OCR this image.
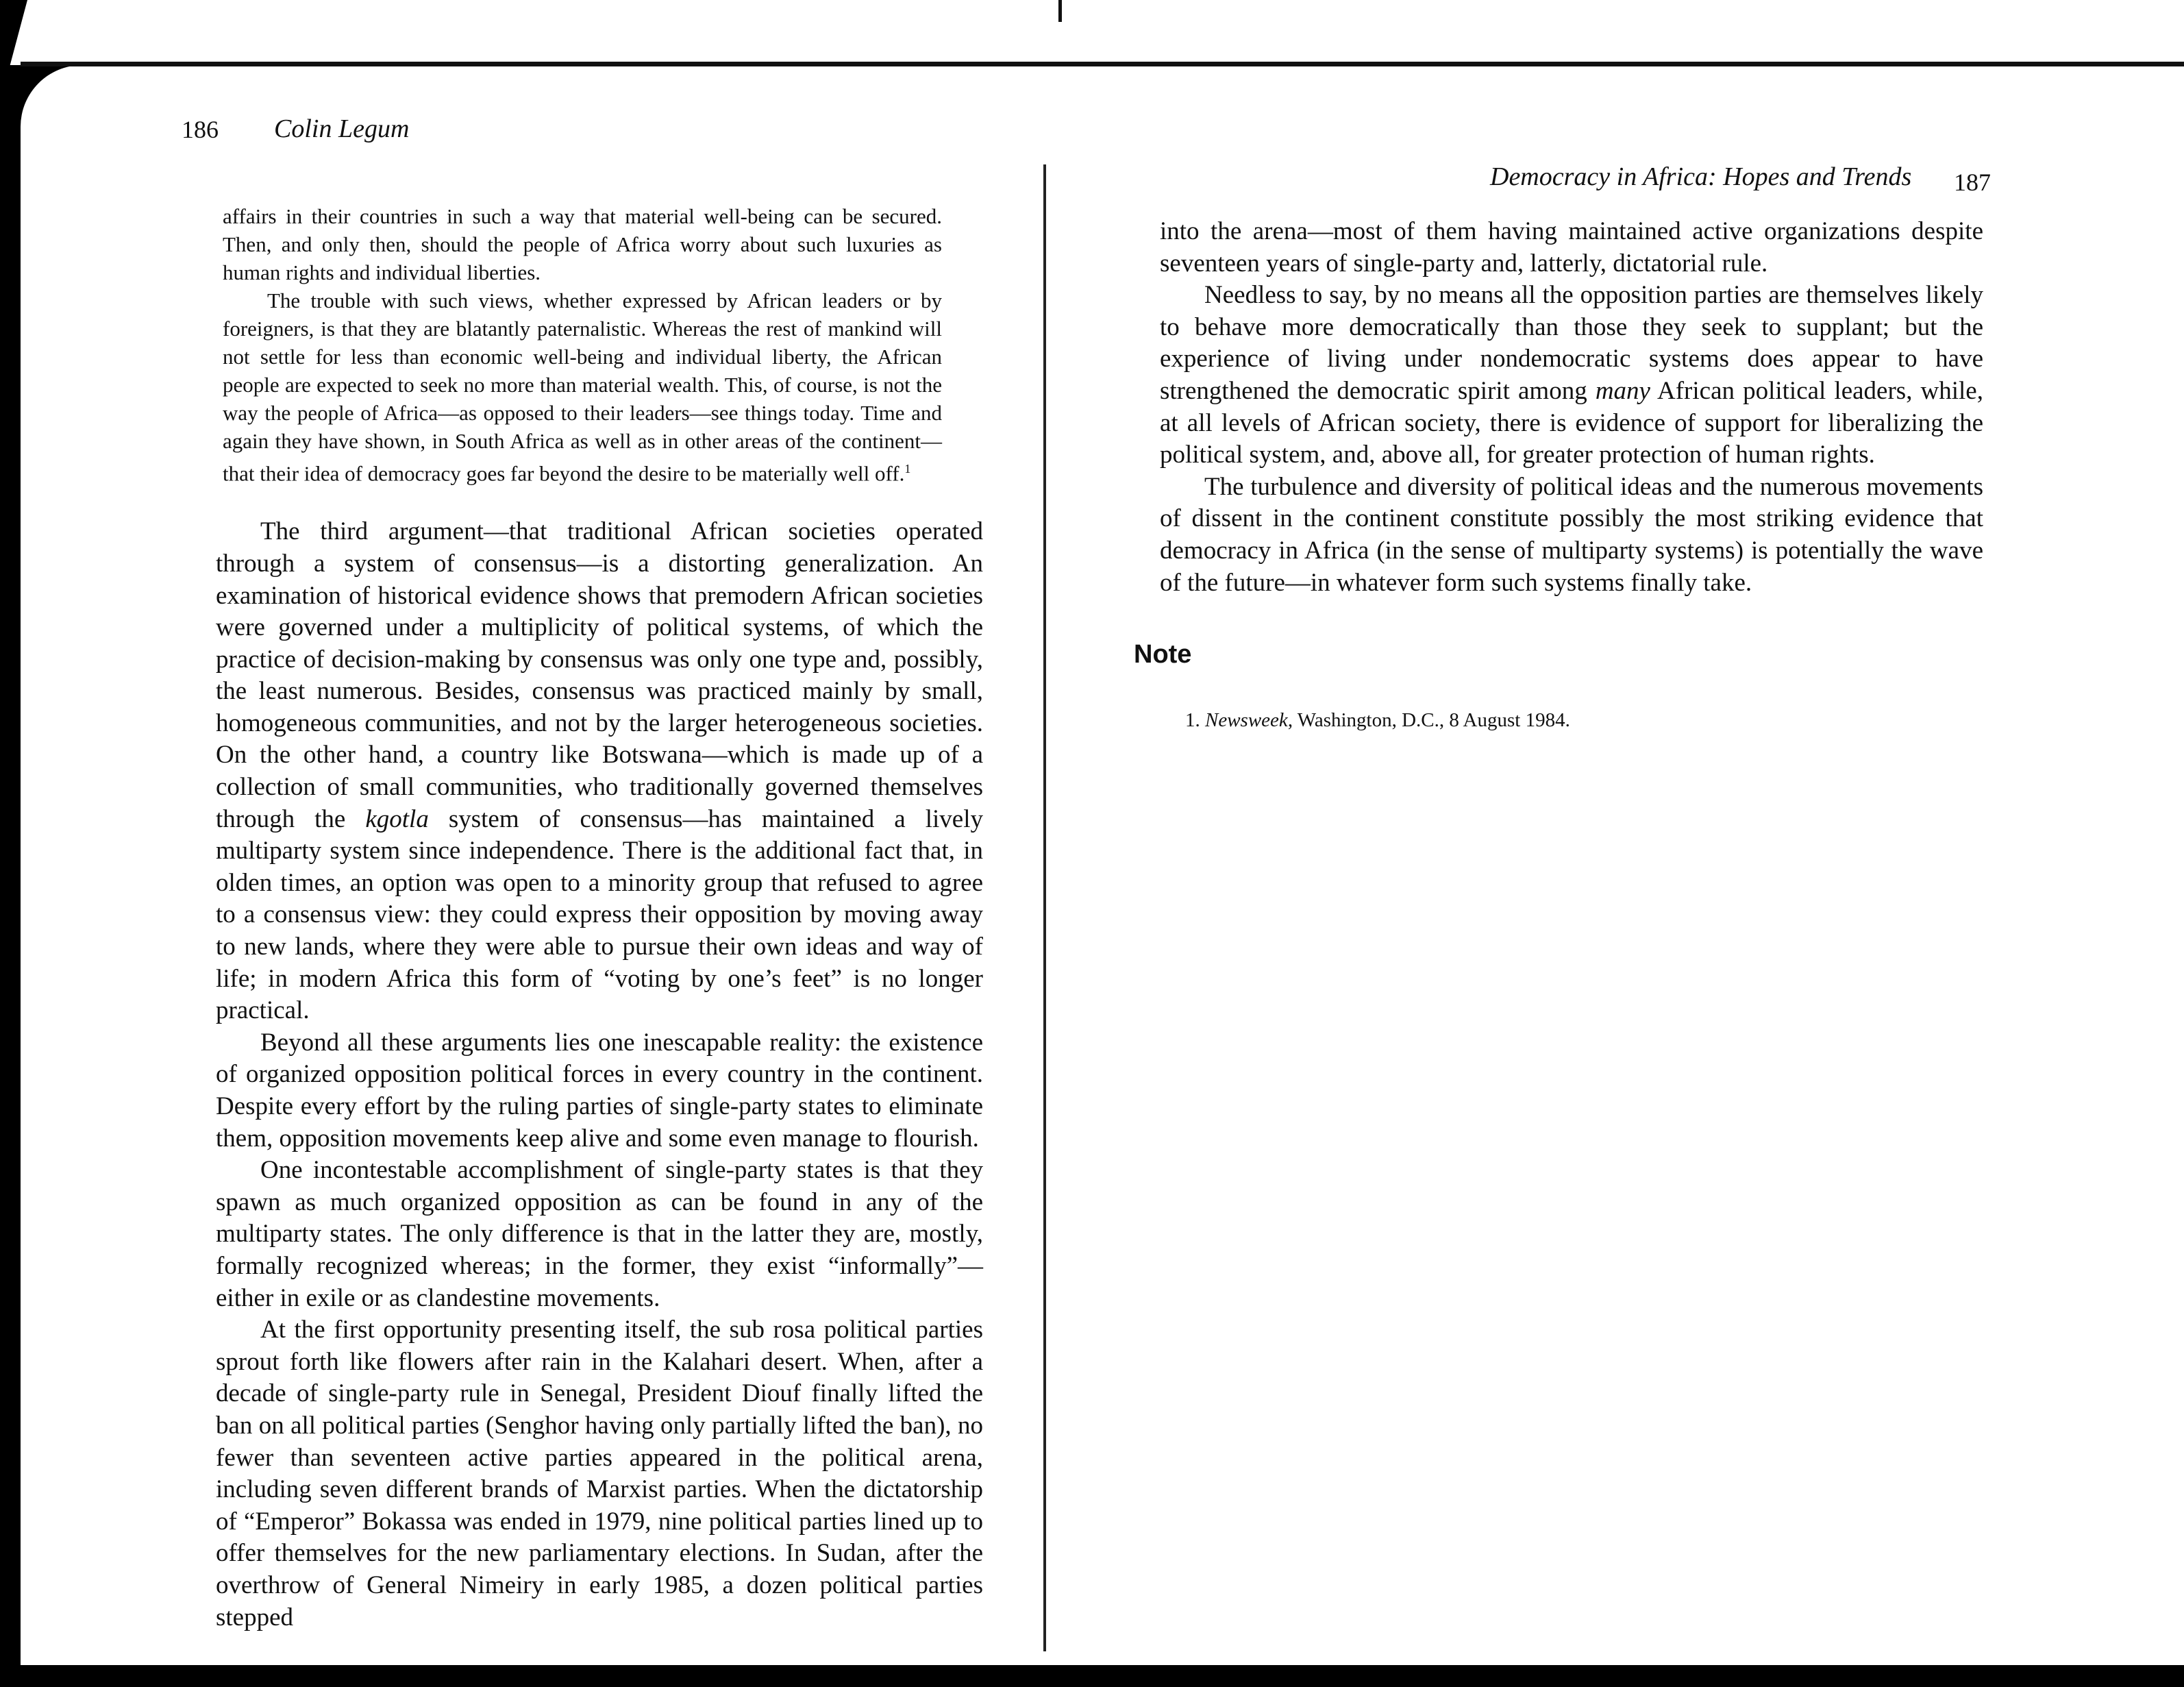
186 Colin Legum

affairs in their countries in such a way that material well-being can be secured. Then, and only then, should the people of Africa worry about such luxuries as human rights and individual liberties.

The trouble with such views, whether expressed by African leaders or by foreigners, is that they are blatantly paternalistic. Whereas the rest of mankind will not settle for less than economic well-being and individual liberty, the African people are expected to seek no more than material wealth. This, of course, is not the way the people of Africa—as opposed to their leaders—see things today. Time and again they have shown, in South Africa as well as in other areas of the continent—that their idea of democracy goes far beyond the desire to be materially well off.$^1$

The third argument—that traditional African societies operated through a system of consensus—is a distorting generalization. An examination of historical evidence shows that premodern African societies were governed under a multiplicity of political systems, of which the practice of decision-making by consensus was only one type and, possibly, the least numerous. Besides, consensus was practiced mainly by small, homogeneous communities, and not by the larger heterogeneous societies. On the other hand, a country like Botswana—which is made up of a collection of small communities, who traditionally governed themselves through the kgotla system of consensus—has maintained a lively multiparty system since independence. There is the additional fact that, in olden times, an option was open to a minority group that refused to agree to a consensus view: they could express their opposition by moving away to new lands, where they were able to pursue their own ideas and way of life; in modern Africa this form of “voting by one’s feet” is no longer practical.

Beyond all these arguments lies one inescapable reality: the existence of organized opposition political forces in every country in the continent. Despite every effort by the ruling parties of single-party states to eliminate them, opposition movements keep alive and some even manage to flourish.

One incontestable accomplishment of single-party states is that they spawn as much organized opposition as can be found in any of the multiparty states. The only difference is that in the latter they are, mostly, formally recognized whereas; in the former, they exist “informally”—either in exile or as clandestine movements.

At the first opportunity presenting itself, the sub rosa political parties sprout forth like flowers after rain in the Kalahari desert. When, after a decade of single-party rule in Senegal, President Diouf finally lifted the ban on all political parties (Senghor having only partially lifted the ban), no fewer than seventeen active parties appeared in the political arena, including seven different brands of Marxist parties. When the dictatorship of “Emperor” Bokassa was ended in 1979, nine political parties lined up to offer themselves for the new parliamentary elections. In Sudan, after the overthrow of General Nimeiry in early 1985, a dozen political parties stepped

Democracy in Africa: Hopes and Trends 187

into the arena—most of them having maintained active organizations despite seventeen years of single-party and, latterly, dictatorial rule.

Needless to say, by no means all the opposition parties are themselves likely to behave more democratically than those they seek to supplant; but the experience of living under nondemocratic systems does appear to have strengthened the democratic spirit among many African political leaders, while, at all levels of African society, there is evidence of support for liberalizing the political system, and, above all, for greater protection of human rights.

The turbulence and diversity of political ideas and the numerous movements of dissent in the continent constitute possibly the most striking evidence that democracy in Africa (in the sense of multiparty systems) is potentially the wave of the future—in whatever form such systems finally take.

Note

1. Newsweek, Washington, D.C., 8 August 1984.
